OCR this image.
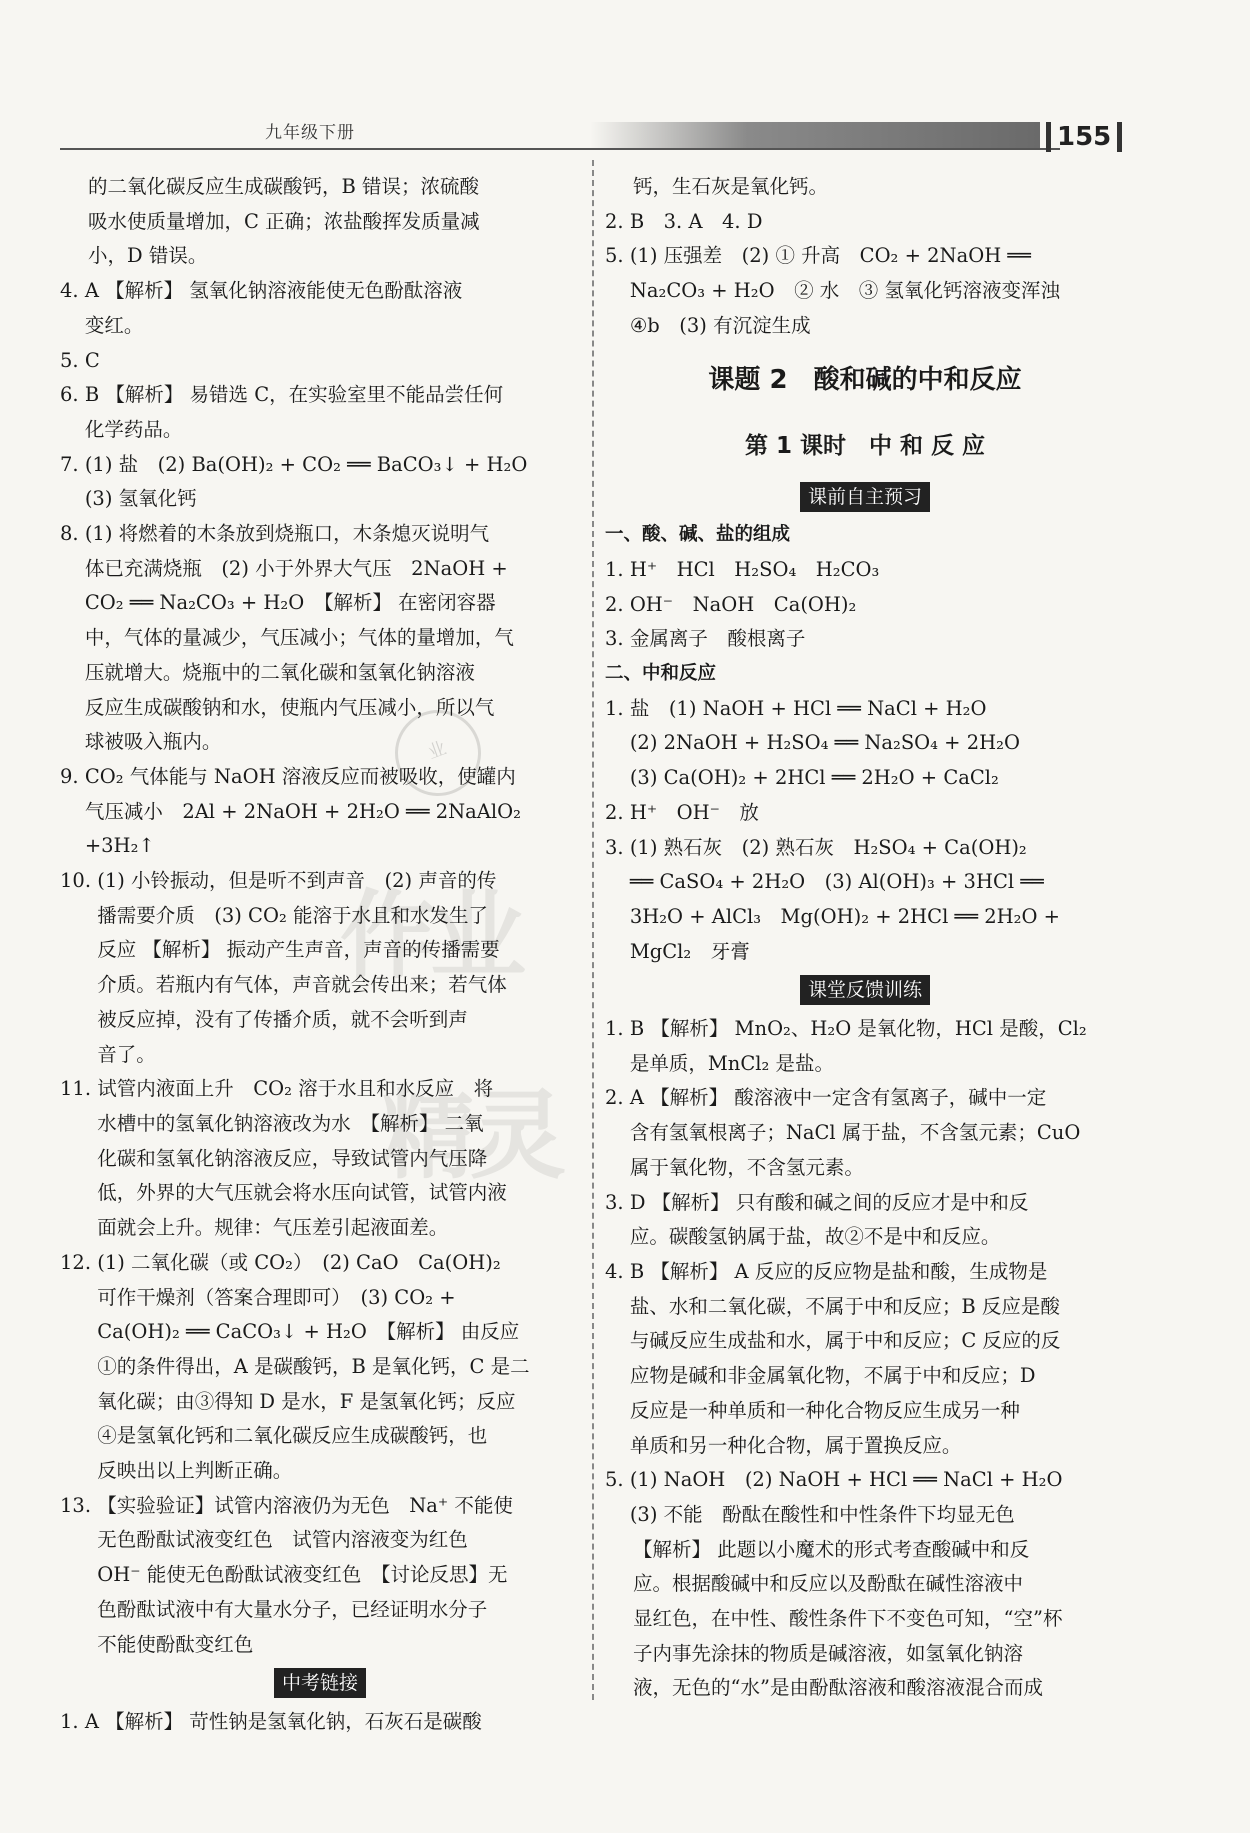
九年级下册	155
业
作
业
精
灵
的二氧化碳反应生成碳酸钙，B 错误；浓硫酸
吸水使质量增加，C 正确；浓盐酸挥发质量减
小，D 错误。
4. A 【解析】 氢氧化钠溶液能使无色酚酞溶液
变红。
5. C
6. B 【解析】 易错选 C，在实验室里不能品尝任何
化学药品。
7. (1) 盐　(2) Ba(OH)₂ + CO₂ ══ BaCO₃↓ + H₂O
(3) 氢氧化钙
8. (1) 将燃着的木条放到烧瓶口，木条熄灭说明气
体已充满烧瓶　(2) 小于外界大气压　2NaOH +
CO₂ ══ Na₂CO₃ + H₂O　【解析】 在密闭容器
中，气体的量减少，气压减小；气体的量增加，气
压就增大。烧瓶中的二氧化碳和氢氧化钠溶液
反应生成碳酸钠和水，使瓶内气压减小，所以气
球被吸入瓶内。
9. CO₂ 气体能与 NaOH 溶液反应而被吸收，使罐内
气压减小　2Al + 2NaOH + 2H₂O ══ 2NaAlO₂
+3H₂↑
10. (1) 小铃振动，但是听不到声音　(2) 声音的传
播需要介质　(3) CO₂ 能溶于水且和水发生了
反应 【解析】 振动产生声音，声音的传播需要
介质。若瓶内有气体，声音就会传出来；若气体
被反应掉，没有了传播介质，就不会听到声
音了。
11. 试管内液面上升　CO₂ 溶于水且和水反应　将
水槽中的氢氧化钠溶液改为水　【解析】 二氧
化碳和氢氧化钠溶液反应，导致试管内气压降
低，外界的大气压就会将水压向试管，试管内液
面就会上升。规律：气压差引起液面差。
12. (1) 二氧化碳（或 CO₂）　(2) CaO　Ca(OH)₂
可作干燥剂（答案合理即可）　(3) CO₂ +
Ca(OH)₂ ══ CaCO₃↓ + H₂O　【解析】 由反应
①的条件得出，A 是碳酸钙，B 是氧化钙，C 是二
氧化碳；由③得知 D 是水，F 是氢氧化钙；反应
④是氢氧化钙和二氧化碳反应生成碳酸钙，也
反映出以上判断正确。
13. 【实验验证】试管内溶液仍为无色　Na⁺ 不能使
无色酚酞试液变红色　试管内溶液变为红色
OH⁻ 能使无色酚酞试液变红色　【讨论反思】无
色酚酞试液中有大量水分子，已经证明水分子
不能使酚酞变红色
中考链接
1. A 【解析】 苛性钠是氢氧化钠，石灰石是碳酸
钙，生石灰是氧化钙。
2. B　3. A　4. D
5. (1) 压强差　(2) ① 升高　CO₂ + 2NaOH ══
Na₂CO₃ + H₂O　② 水　③ 氢氧化钙溶液变浑浊
④b　(3) 有沉淀生成
课题 2　酸和碱的中和反应
第 1 课时　中 和 反 应
课前自主预习
一、酸、碱、盐的组成
1. H⁺　HCl　H₂SO₄　H₂CO₃
2. OH⁻　NaOH　Ca(OH)₂
3. 金属离子　酸根离子
二、中和反应
1. 盐　(1) NaOH + HCl ══ NaCl + H₂O
(2) 2NaOH + H₂SO₄ ══ Na₂SO₄ + 2H₂O
(3) Ca(OH)₂ + 2HCl ══ 2H₂O + CaCl₂
2. H⁺　OH⁻　放
3. (1) 熟石灰　(2) 熟石灰　H₂SO₄ + Ca(OH)₂
══ CaSO₄ + 2H₂O　(3) Al(OH)₃ + 3HCl ══
3H₂O + AlCl₃　Mg(OH)₂ + 2HCl ══ 2H₂O +
MgCl₂　牙膏
课堂反馈训练
1. B 【解析】 MnO₂、H₂O 是氧化物，HCl 是酸，Cl₂
是单质，MnCl₂ 是盐。
2. A 【解析】 酸溶液中一定含有氢离子，碱中一定
含有氢氧根离子；NaCl 属于盐，不含氢元素；CuO
属于氧化物，不含氢元素。
3. D 【解析】 只有酸和碱之间的反应才是中和反
应。碳酸氢钠属于盐，故②不是中和反应。
4. B 【解析】 A 反应的反应物是盐和酸，生成物是
盐、水和二氧化碳，不属于中和反应；B 反应是酸
与碱反应生成盐和水，属于中和反应；C 反应的反
应物是碱和非金属氧化物，不属于中和反应；D
反应是一种单质和一种化合物反应生成另一种
单质和另一种化合物，属于置换反应。
5. (1) NaOH　(2) NaOH + HCl ══ NaCl + H₂O
(3) 不能　酚酞在酸性和中性条件下均显无色
【解析】 此题以小魔术的形式考查酸碱中和反
应。根据酸碱中和反应以及酚酞在碱性溶液中
显红色，在中性、酸性条件下不变色可知，“空”杯
子内事先涂抹的物质是碱溶液，如氢氧化钠溶
液，无色的“水”是由酚酞溶液和酸溶液混合而成
